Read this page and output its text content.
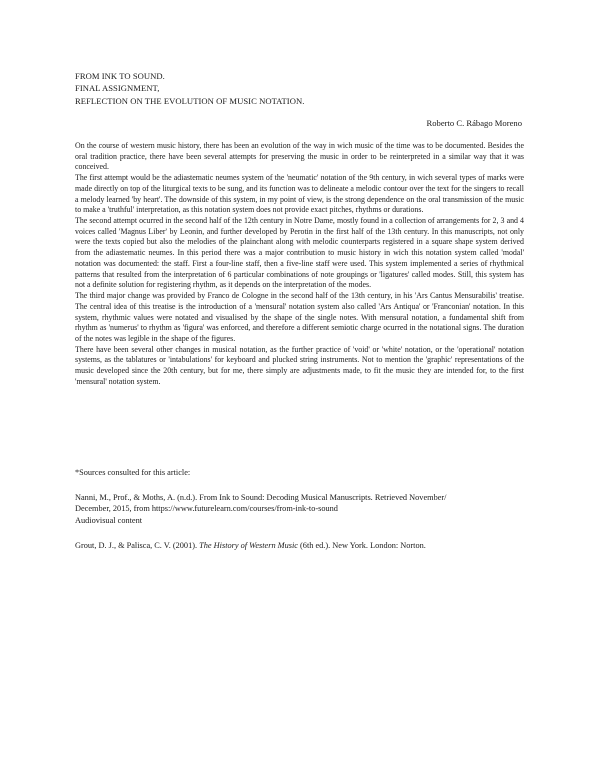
FROM INK TO SOUND.
FINAL ASSIGNMENT,
REFLECTION ON THE EVOLUTION OF MUSIC NOTATION.
Roberto C. Rábago Moreno

On the course of western music history, there has been an evolution of the way in wich music of the time was to be documented. Besides the oral tradition practice, there have been several attempts for preserving the music in order to be reinterpreted in a similar way that it was conceived.

The first attempt would be the adiastematic neumes system of the 'neumatic' notation of the 9th century, in wich several types of marks were made directly on top of the liturgical texts to be sung, and its function was to delineate a melodic contour over the text for the singers to recall a melody learned 'by heart'. The downside of this system, in my point of view, is the strong dependence on the oral transmission of the music to make a 'truthful' interpretation, as this notation system does not provide exact pitches, rhythms or durations.

The second attempt ocurred in the second half of the 12th century in Notre Dame, mostly found in a collection of arrangements for 2, 3 and 4 voices called 'Magnus Liber' by Leonin, and further developed by Perotin in the first half of the 13th century. In this manuscripts, not only were the texts copied but also the melodies of the plainchant along with melodic counterparts registered in a square shape system derived from the adiastematic neumes. In this period there was a major contribution to music history in wich this notation system called 'modal' notation was documented: the staff. First a four-line staff, then a five-line staff were used. This system implemented a series of rhythmical patterns that resulted from the interpretation of 6 particular combinations of note groupings or 'ligatures' called modes. Still, this system has not a definite solution for registering rhythm, as it depends on the interpretation of the modes.

The third major change was provided by Franco de Cologne in the second half of the 13th century, in his 'Ars Cantus Mensurabilis' treatise. The central idea of this treatise is the introduction of a 'mensural' notation system also called 'Ars Antiqua' or 'Franconian' notation. In this system, rhythmic values were notated and visualised by the shape of the single notes. With mensural notation, a fundamental shift from rhythm as 'numerus' to rhythm as 'figura' was enforced, and therefore a different semiotic charge ocurred in the notational signs. The duration of the notes was legible in the shape of the figures.

There have been several other changes in musical notation, as the further practice of 'void' or 'white' notation, or the 'operational' notation systems, as the tablatures or 'intabulations' for keyboard and plucked string instruments. Not to mention the 'graphic' representations of the music developed since the 20th century, but for me, there simply are adjustments made, to fit the music they are intended for, to the first 'mensural' notation system.

*Sources consulted for this article:

Nanni, M., Prof., & Moths, A. (n.d.). From Ink to Sound: Decoding Musical Manuscripts. Retrieved November/

December, 2015, from https://www.futurelearn.com/courses/from-ink-to-sound

Audiovisual content

Grout, D. J., & Palisca, C. V. (2001). The History of Western Music (6th ed.). New York. London: Norton.
